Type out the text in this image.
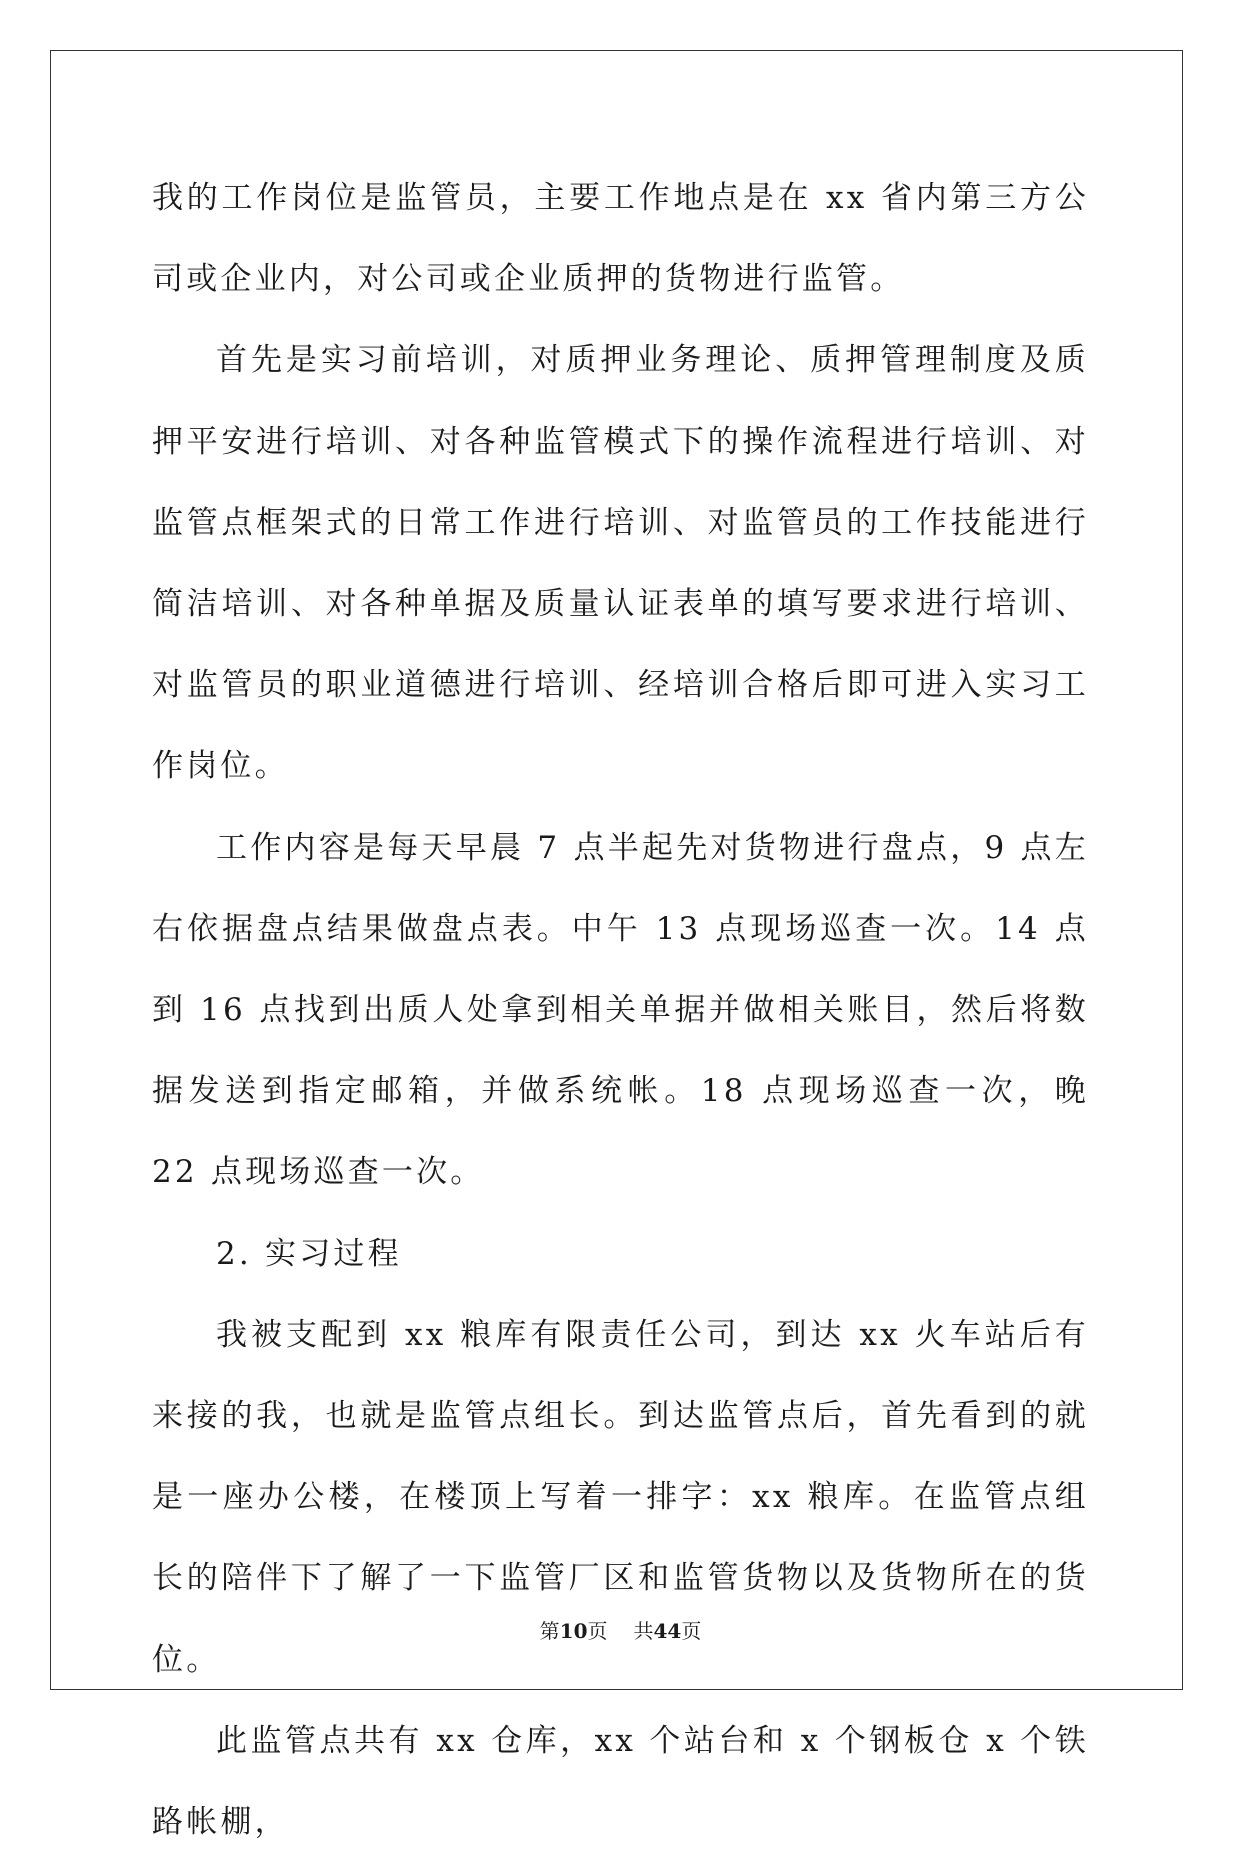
我的工作岗位是监管员，主要工作地点是在 xx 省内第三方公司或企业内，对公司或企业质押的货物进行监管。

首先是实习前培训，对质押业务理论、质押管理制度及质押平安进行培训、对各种监管模式下的操作流程进行培训、对监管点框架式的日常工作进行培训、对监管员的工作技能进行简洁培训、对各种单据及质量认证表单的填写要求进行培训、对监管员的职业道德进行培训、经培训合格后即可进入实习工作岗位。

工作内容是每天早晨 7 点半起先对货物进行盘点，9 点左右依据盘点结果做盘点表。中午 13 点现场巡查一次。14 点到 16 点找到出质人处拿到相关单据并做相关账目，然后将数据发送到指定邮箱，并做系统帐。18 点现场巡查一次，晚 22 点现场巡查一次。

2. 实习过程

我被支配到 xx 粮库有限责任公司，到达 xx 火车站后有来接的我，也就是监管点组长。到达监管点后，首先看到的就是一座办公楼，在楼顶上写着一排字：xx 粮库。在监管点组长的陪伴下了解了一下监管厂区和监管货物以及货物所在的货位。

此监管点共有 xx 仓库，xx 个站台和 x 个钢板仓 x 个铁路帐棚，

第10页 共44页
